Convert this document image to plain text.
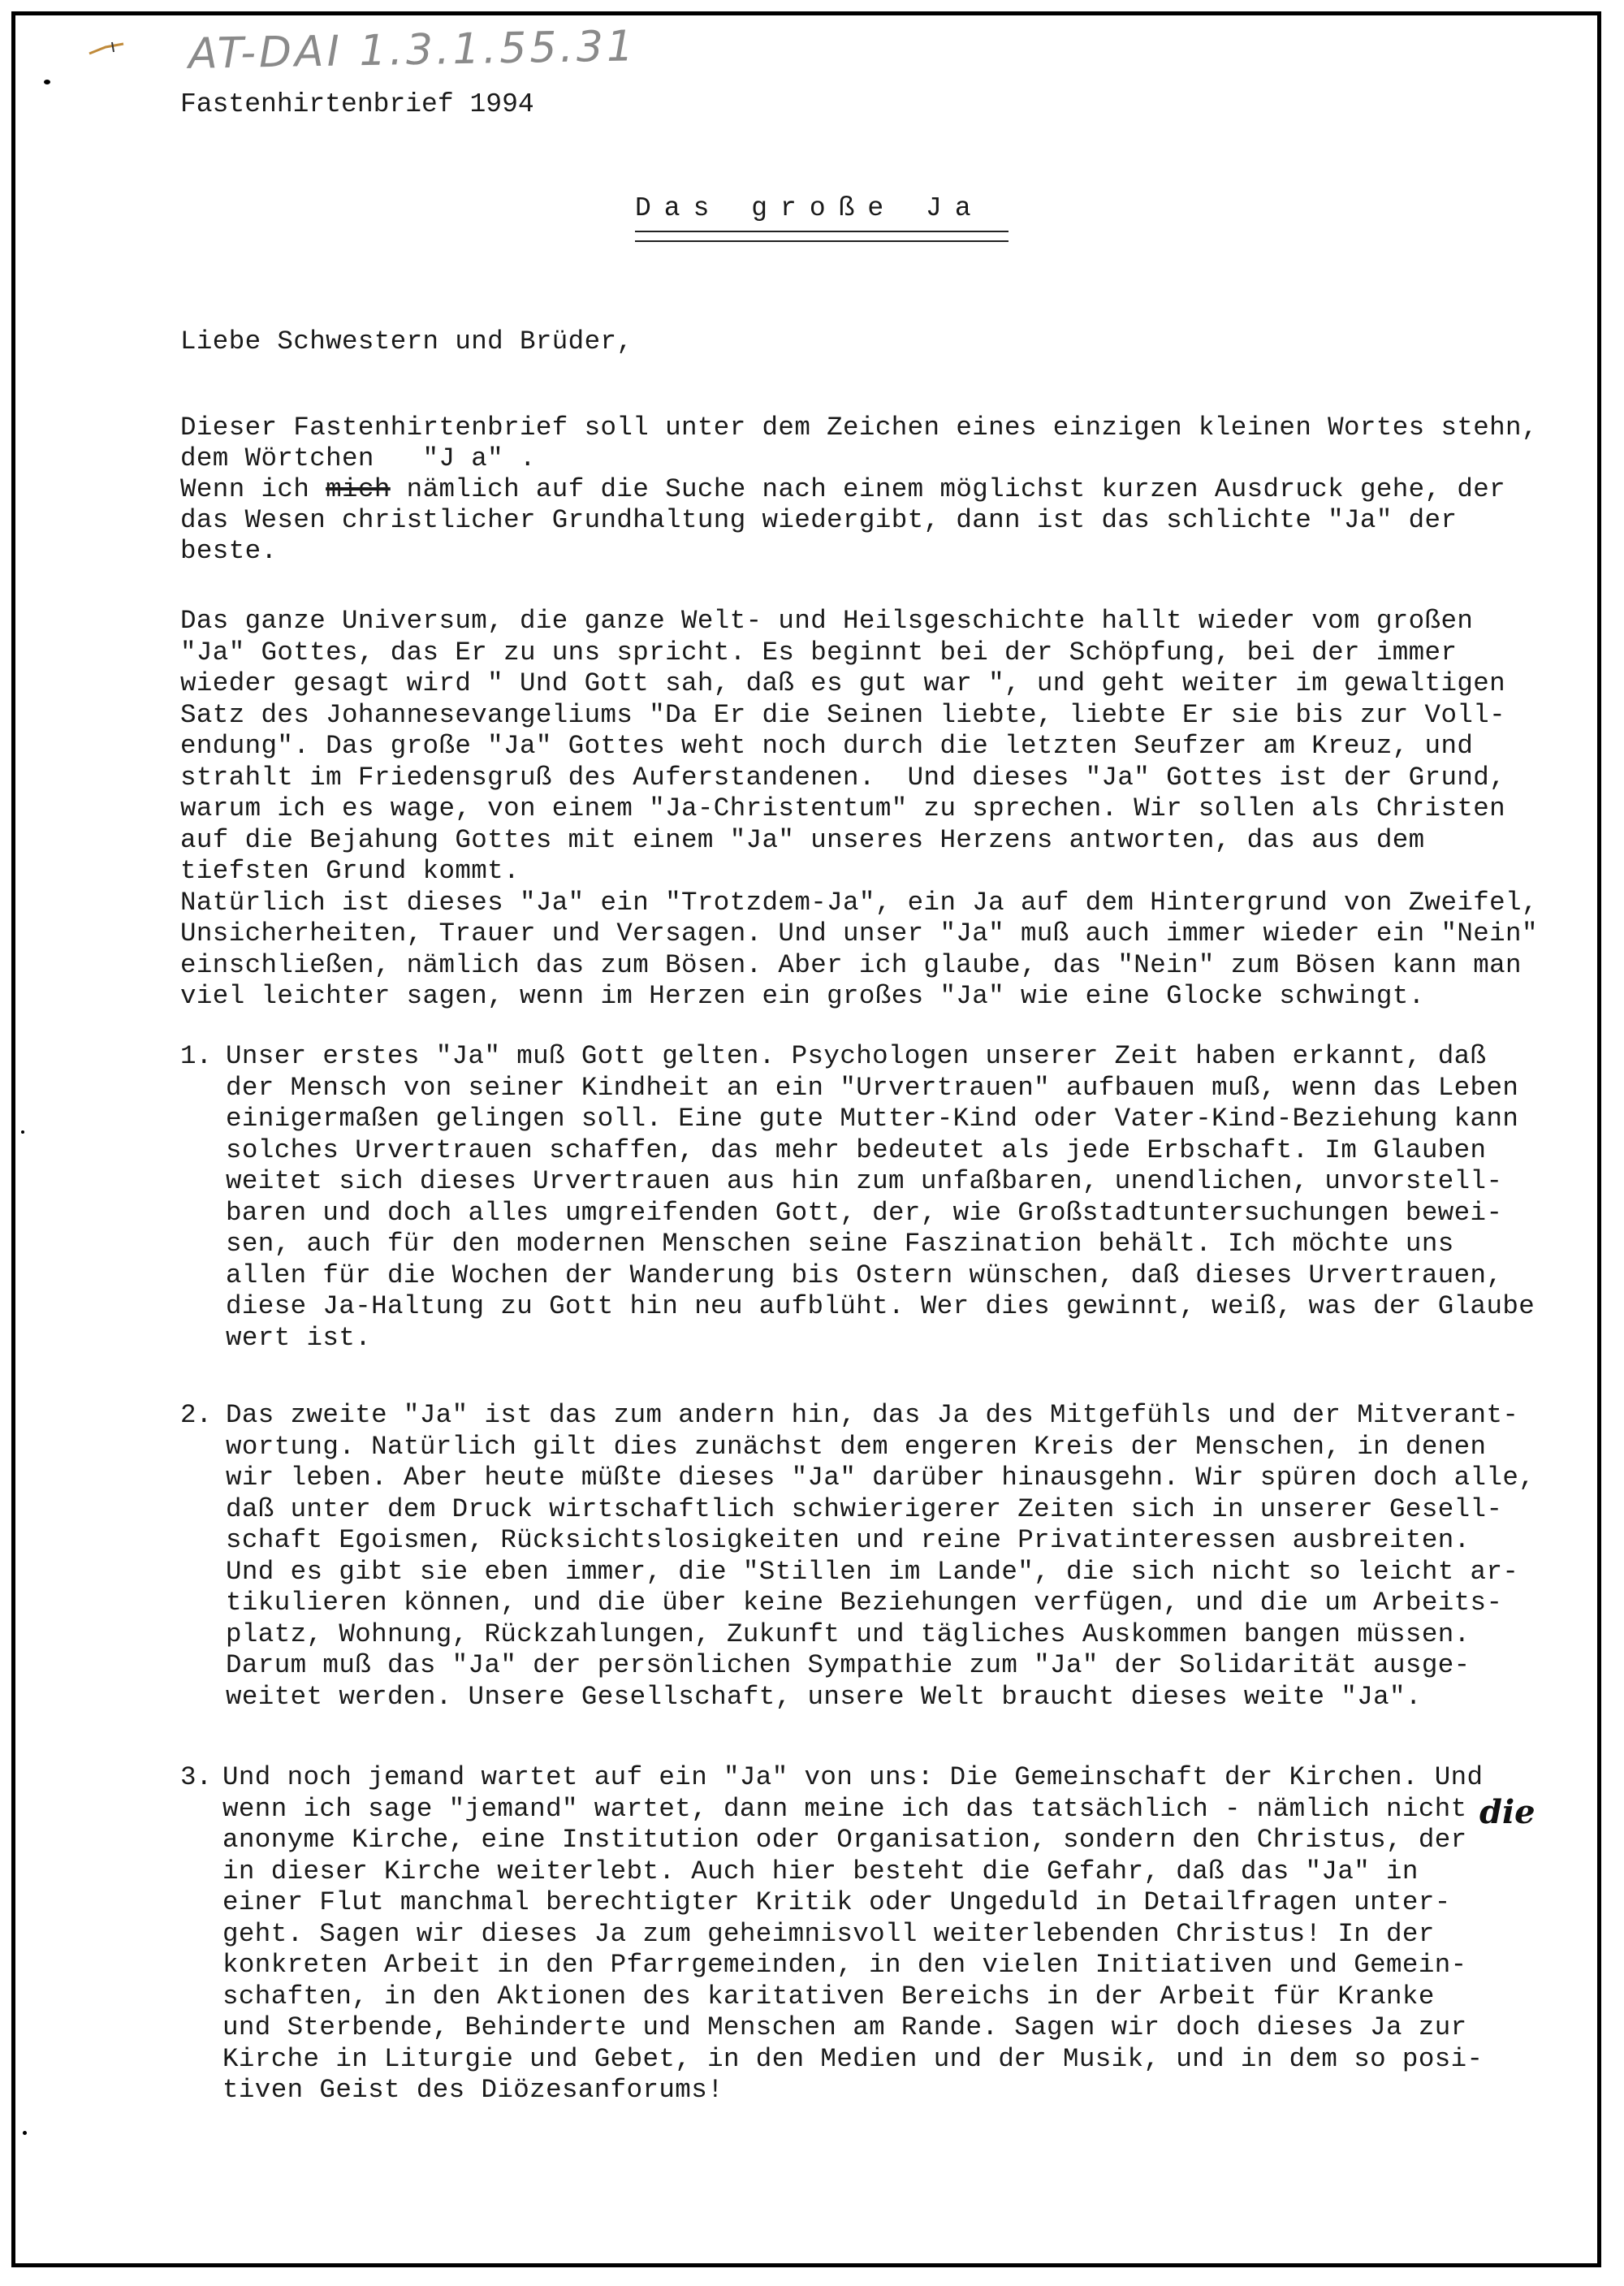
AT-DAI 1.3.1.55.31
Fastenhirtenbrief 1994
Das große Ja
Liebe Schwestern und Brüder,
Dieser Fastenhirtenbrief soll unter dem Zeichen eines einzigen kleinen Wortes stehn,
dem Wörtchen   "J a" .
Wenn ich mich nämlich auf die Suche nach einem möglichst kurzen Ausdruck gehe, der
das Wesen christlicher Grundhaltung wiedergibt, dann ist das schlichte "Ja" der
beste.
Das ganze Universum, die ganze Welt- und Heilsgeschichte hallt wieder vom großen
"Ja" Gottes, das Er zu uns spricht. Es beginnt bei der Schöpfung, bei der immer
wieder gesagt wird " Und Gott sah, daß es gut war ", und geht weiter im gewaltigen
Satz des Johannesevangeliums "Da Er die Seinen liebte, liebte Er sie bis zur Voll-
endung". Das große "Ja" Gottes weht noch durch die letzten Seufzer am Kreuz, und
strahlt im Friedensgruß des Auferstandenen.  Und dieses "Ja" Gottes ist der Grund,
warum ich es wage, von einem "Ja-Christentum" zu sprechen. Wir sollen als Christen
auf die Bejahung Gottes mit einem "Ja" unseres Herzens antworten, das aus dem
tiefsten Grund kommt.
Natürlich ist dieses "Ja" ein "Trotzdem-Ja", ein Ja auf dem Hintergrund von Zweifel,
Unsicherheiten, Trauer und Versagen. Und unser "Ja" muß auch immer wieder ein "Nein"
einschließen, nämlich das zum Bösen. Aber ich glaube, das "Nein" zum Bösen kann man
viel leichter sagen, wenn im Herzen ein großes "Ja" wie eine Glocke schwingt.
1. Unser erstes "Ja" muß Gott gelten. Psychologen unserer Zeit haben erkannt, daß
der Mensch von seiner Kindheit an ein "Urvertrauen" aufbauen muß, wenn das Leben
einigermaßen gelingen soll. Eine gute Mutter-Kind oder Vater-Kind-Beziehung kann
solches Urvertrauen schaffen, das mehr bedeutet als jede Erbschaft. Im Glauben
weitet sich dieses Urvertrauen aus hin zum unfaßbaren, unendlichen, unvorstell-
baren und doch alles umgreifenden Gott, der, wie Großstadtuntersuchungen bewei-
sen, auch für den modernen Menschen seine Faszination behält. Ich möchte uns
allen für die Wochen der Wanderung bis Ostern wünschen, daß dieses Urvertrauen,
diese Ja-Haltung zu Gott hin neu aufblüht. Wer dies gewinnt, weiß, was der Glaube
wert ist.
2. Das zweite "Ja" ist das zum andern hin, das Ja des Mitgefühls und der Mitverant-
wortung. Natürlich gilt dies zunächst dem engeren Kreis der Menschen, in denen
wir leben. Aber heute müßte dieses "Ja" darüber hinausgehn. Wir spüren doch alle,
daß unter dem Druck wirtschaftlich schwierigerer Zeiten sich in unserer Gesell-
schaft Egoismen, Rücksichtslosigkeiten und reine Privatinteressen ausbreiten.
Und es gibt sie eben immer, die "Stillen im Lande", die sich nicht so leicht ar-
tikulieren können, und die über keine Beziehungen verfügen, und die um Arbeits-
platz, Wohnung, Rückzahlungen, Zukunft und tägliches Auskommen bangen müssen.
Darum muß das "Ja" der persönlichen Sympathie zum "Ja" der Solidarität ausge-
weitet werden. Unsere Gesellschaft, unsere Welt braucht dieses weite "Ja".
3. Und noch jemand wartet auf ein "Ja" von uns: Die Gemeinschaft der Kirchen. Und
wenn ich sage "jemand" wartet, dann meine ich das tatsächlich - nämlich nicht
anonyme Kirche, eine Institution oder Organisation, sondern den Christus, der
in dieser Kirche weiterlebt. Auch hier besteht die Gefahr, daß das "Ja" in
einer Flut manchmal berechtigter Kritik oder Ungeduld in Detailfragen unter-
geht. Sagen wir dieses Ja zum geheimnisvoll weiterlebenden Christus! In der
konkreten Arbeit in den Pfarrgemeinden, in den vielen Initiativen und Gemein-
schaften, in den Aktionen des karitativen Bereichs in der Arbeit für Kranke
und Sterbende, Behinderte und Menschen am Rande. Sagen wir doch dieses Ja zur
Kirche in Liturgie und Gebet, in den Medien und der Musik, und in dem so posi-
tiven Geist des Diözesanforums!
die
